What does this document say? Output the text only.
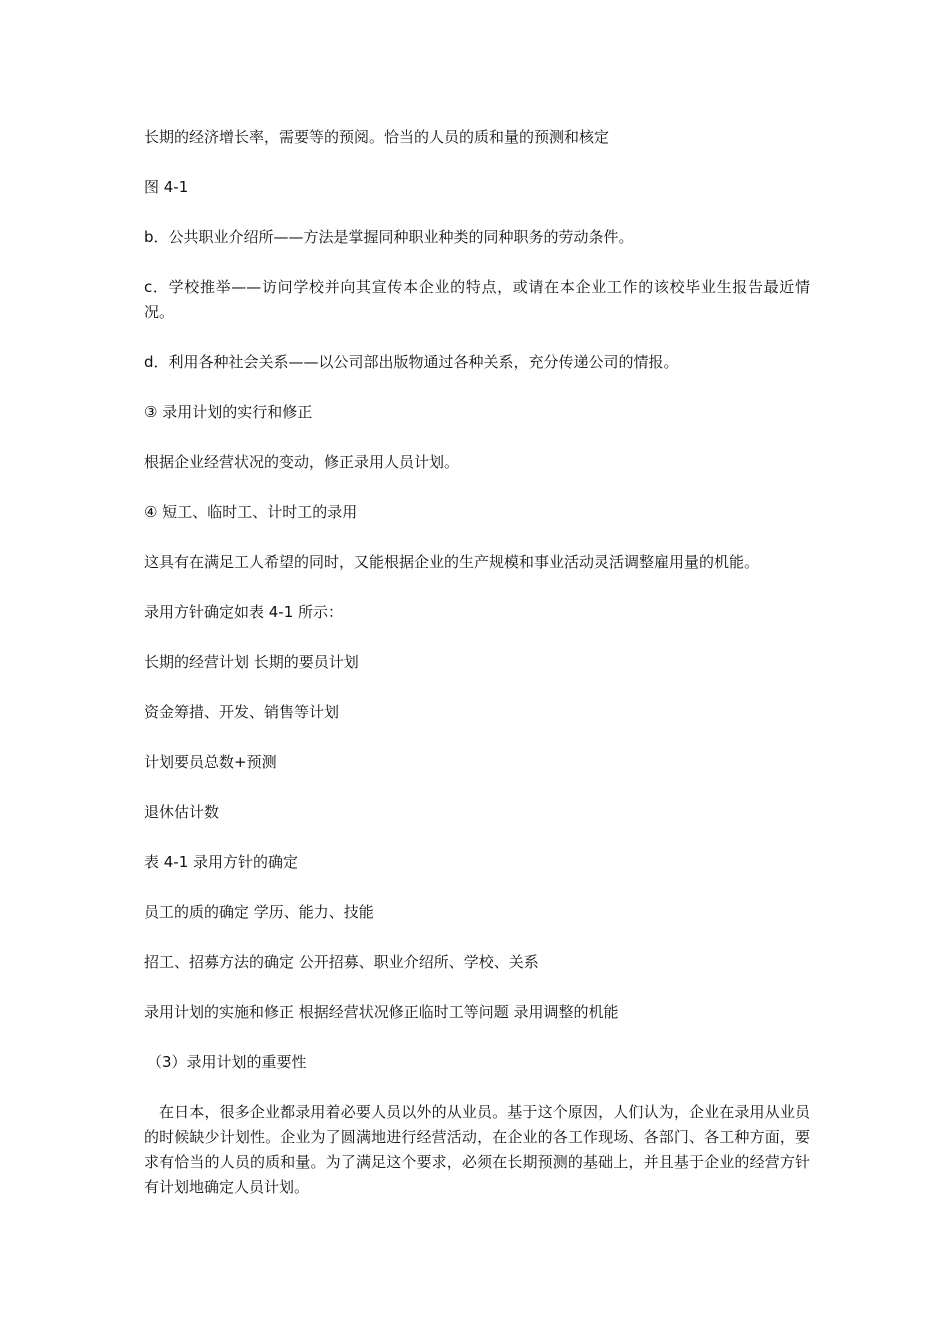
长期的经济增长率，需要等的预阅。恰当的人员的质和量的预测和核定

图 4-1

b．公共职业介绍所——方法是掌握同种职业种类的同种职务的劳动条件。

c．学校推举——访问学校并向其宣传本企业的特点，或请在本企业工作的该校毕业生报告最近情况。

d．利用各种社会关系——以公司部出版物通过各种关系，充分传递公司的情报。

③ 录用计划的实行和修正

根据企业经营状况的变动，修正录用人员计划。

④ 短工、临时工、计时工的录用

这具有在满足工人希望的同时，又能根据企业的生产规模和事业活动灵活调整雇用量的机能。

录用方针确定如表 4-1 所示：

长期的经营计划 长期的要员计划

资金筹措、开发、销售等计划

计划要员总数+预测

退休估计数

表 4-1 录用方针的确定

员工的质的确定 学历、能力、技能

招工、招募方法的确定 公开招募、职业介绍所、学校、关系

录用计划的实施和修正 根据经营状况修正临时工等问题 录用调整的机能

（3）录用计划的重要性

在日本，很多企业都录用着必要人员以外的从业员。基于这个原因，人们认为，企业在录用从业员的时候缺少计划性。企业为了圆满地进行经营活动，在企业的各工作现场、各部门、各工种方面，要求有恰当的人员的质和量。为了满足这个要求，必须在长期预测的基础上，并且基于企业的经营方针有计划地确定人员计划。
